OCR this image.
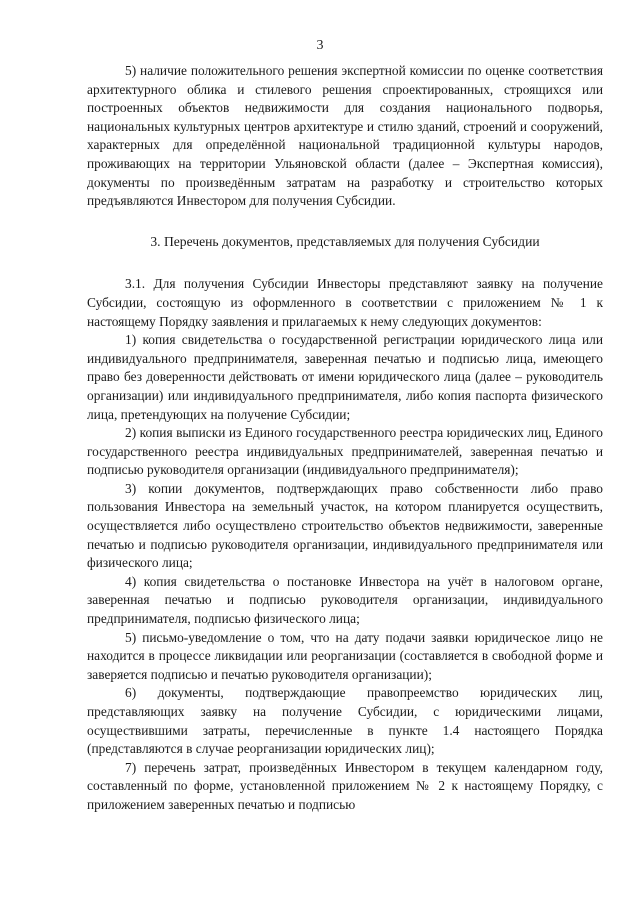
3

5) наличие положительного решения экспертной комиссии по оценке соответствия архитектурного облика и стилевого решения спроектированных, строящихся или построенных объектов недвижимости для создания национального подворья, национальных культурных центров архитектуре и стилю зданий, строений и сооружений, характерных для определённой национальной традиционной культуры народов, проживающих на территории Ульяновской области (далее – Экспертная комиссия), документы по произведённым затратам на разработку и строительство которых предъявляются Инвестором для получения Субсидии.

3. Перечень документов, представляемых для получения Субсидии

3.1. Для получения Субсидии Инвесторы представляют заявку на получение Субсидии, состоящую из оформленного в соответствии с приложением № 1 к настоящему Порядку заявления и прилагаемых к нему следующих документов:

1) копия свидетельства о государственной регистрации юридического лица или индивидуального предпринимателя, заверенная печатью и подписью лица, имеющего право без доверенности действовать от имени юридического лица (далее – руководитель организации) или индивидуального предпринимателя, либо копия паспорта физического лица, претендующих на получение Субсидии;

2) копия выписки из Единого государственного реестра юридических лиц, Единого государственного реестра индивидуальных предпринимателей, заверенная печатью и подписью руководителя организации (индивидуального предпринимателя);

3) копии документов, подтверждающих право собственности либо право пользования Инвестора на земельный участок, на котором планируется осуществить, осуществляется либо осуществлено строительство объектов недвижимости, заверенные печатью и подписью руководителя организации, индивидуального предпринимателя или физического лица;

4) копия свидетельства о постановке Инвестора на учёт в налоговом органе, заверенная печатью и подписью руководителя организации, индивидуального предпринимателя, подписью физического лица;

5) письмо-уведомление о том, что на дату подачи заявки юридическое лицо не находится в процессе ликвидации или реорганизации (составляется в свободной форме и заверяется подписью и печатью руководителя организации);

6) документы, подтверждающие правопреемство юридических лиц, представляющих заявку на получение Субсидии, с юридическими лицами, осуществившими затраты, перечисленные в пункте 1.4 настоящего Порядка (представляются в случае реорганизации юридических лиц);

7) перечень затрат, произведённых Инвестором в текущем календарном году, составленный по форме, установленной приложением № 2 к настоящему Порядку, с приложением заверенных печатью и подписью
